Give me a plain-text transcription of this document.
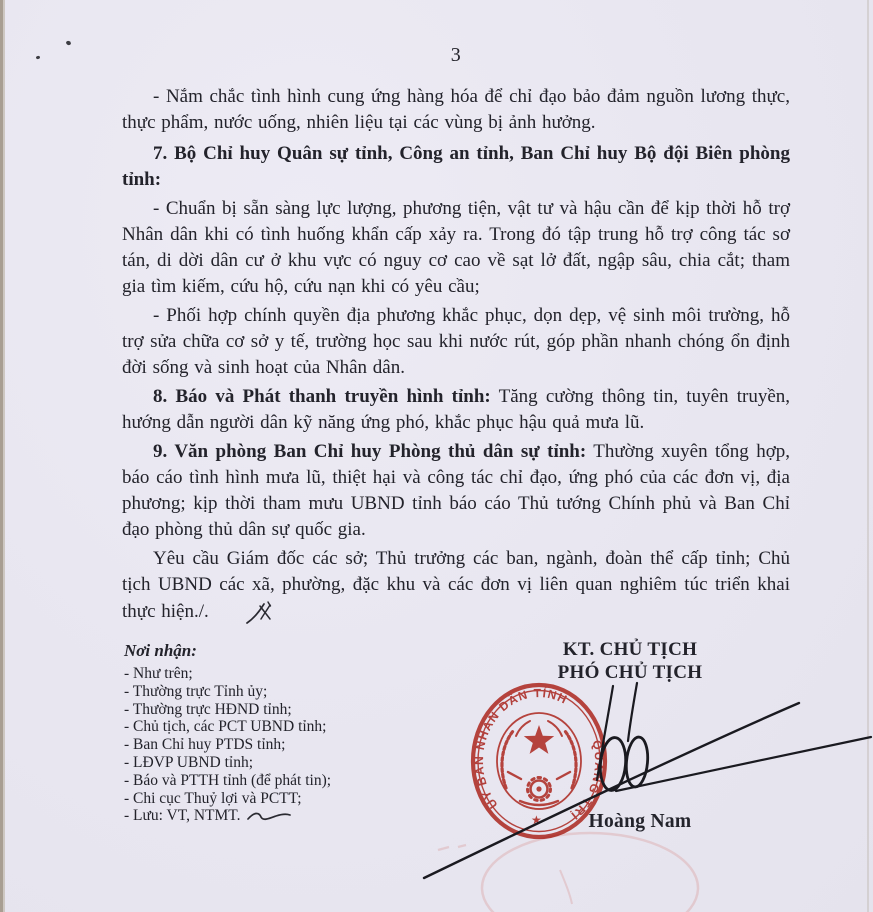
3

- Nắm chắc tình hình cung ứng hàng hóa để chỉ đạo bảo đảm nguồn lương thực, thực phẩm, nước uống, nhiên liệu tại các vùng bị ảnh hưởng.

7. Bộ Chỉ huy Quân sự tỉnh, Công an tỉnh, Ban Chỉ huy Bộ đội Biên phòng tỉnh:

- Chuẩn bị sẵn sàng lực lượng, phương tiện, vật tư và hậu cần để kịp thời hỗ trợ Nhân dân khi có tình huống khẩn cấp xảy ra. Trong đó tập trung hỗ trợ công tác sơ tán, di dời dân cư ở khu vực có nguy cơ cao về sạt lở đất, ngập sâu, chia cắt; tham gia tìm kiếm, cứu hộ, cứu nạn khi có yêu cầu;

- Phối hợp chính quyền địa phương khắc phục, dọn dẹp, vệ sinh môi trường, hỗ trợ sửa chữa cơ sở y tế, trường học sau khi nước rút, góp phần nhanh chóng ổn định đời sống và sinh hoạt của Nhân dân.

8. Báo và Phát thanh truyền hình tỉnh: Tăng cường thông tin, tuyên truyền, hướng dẫn người dân kỹ năng ứng phó, khắc phục hậu quả mưa lũ.

9. Văn phòng Ban Chỉ huy Phòng thủ dân sự tỉnh: Thường xuyên tổng hợp, báo cáo tình hình mưa lũ, thiệt hại và công tác chỉ đạo, ứng phó của các đơn vị, địa phương; kịp thời tham mưu UBND tỉnh báo cáo Thủ tướng Chính phủ và Ban Chỉ đạo phòng thủ dân sự quốc gia.

Yêu cầu Giám đốc các sở; Thủ trưởng các ban, ngành, đoàn thể cấp tỉnh; Chủ tịch UBND các xã, phường, đặc khu và các đơn vị liên quan nghiêm túc triển khai thực hiện./.

Nơi nhận:
- Như trên;
- Thường trực Tỉnh ủy;
- Thường trực HĐND tỉnh;
- Chủ tịch, các PCT UBND tỉnh;
- Ban Chỉ huy PTDS tỉnh;
- LĐVP UBND tỉnh;
- Báo và PTTH tỉnh (để phát tin);
- Chi cục Thuỷ lợi và PCTT;
- Lưu: VT, NTMT.
KT. CHỦ TỊCH
PHÓ CHỦ TỊCH
Hoàng Nam
ỦY BAN NHÂN DÂN TỈNH
QUẢNG TRỊ
★
